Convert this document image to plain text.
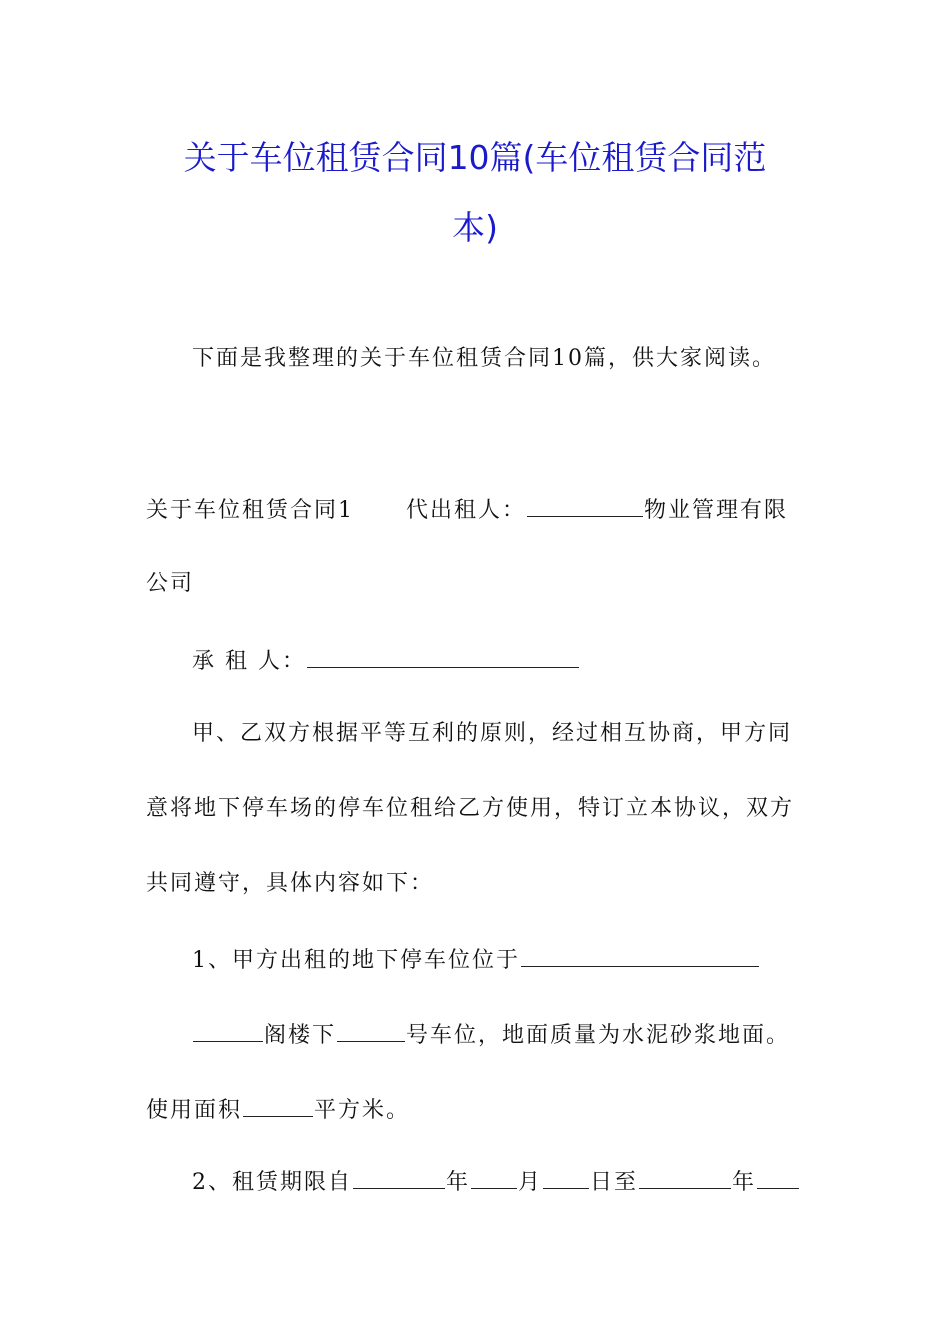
关于车位租赁合同10篇(车位租赁合同范
本)
下面是我整理的关于车位租赁合同10篇，供大家阅读。
关于车位租赁合同1 代出租人：	物业管理有限
公司
承 租 人：
甲、乙双方根据平等互利的原则，经过相互协商，甲方同
意将地下停车场的停车位租给乙方使用，特订立本协议，双方
共同遵守，具体内容如下：
1、甲方出租的地下停车位位于
阁楼下	号车位，地面质量为水泥砂浆地面。
使用面积	平方米。
2、租赁期限自	年 月 日至	年
